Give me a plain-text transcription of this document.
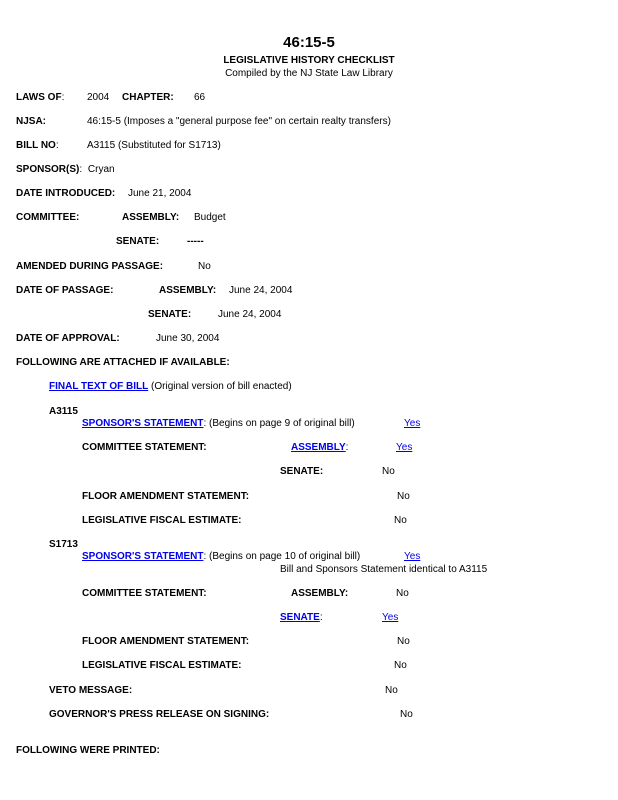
46:15-5
LEGISLATIVE HISTORY CHECKLIST
Compiled by the NJ State Law Library
LAWS OF: 2004 CHAPTER: 66
NJSA:	46:15-5 (Imposes a "general purpose fee" on certain realty transfers)
BILL NO:	A3115 (Substituted for S1713)
SPONSOR(S): Cryan
DATE INTRODUCED: June 21, 2004
COMMITTEE:	ASSEMBLY: Budget
SENATE:	-----
AMENDED DURING PASSAGE:	No
DATE OF PASSAGE:	ASSEMBLY: June 24, 2004
SENATE:	June 24, 2004
DATE OF APPROVAL:	June 30, 2004
FOLLOWING ARE ATTACHED IF AVAILABLE:
FINAL TEXT OF BILL (Original version of bill enacted)
A3115
SPONSOR'S STATEMENT: (Begins on page 9 of original bill)	Yes
COMMITTEE STATEMENT:	ASSEMBLY:	Yes
SENATE:	No
FLOOR AMENDMENT STATEMENT:	No
LEGISLATIVE FISCAL ESTIMATE:	No
S1713
SPONSOR'S STATEMENT: (Begins on page 10 of original bill)	Yes
Bill and Sponsors Statement identical to A3115
COMMITTEE STATEMENT:	ASSEMBLY:	No
SENATE:	Yes
FLOOR AMENDMENT STATEMENT:	No
LEGISLATIVE FISCAL ESTIMATE:	No
VETO MESSAGE:	No
GOVERNOR'S PRESS RELEASE ON SIGNING:	No
FOLLOWING WERE PRINTED:
